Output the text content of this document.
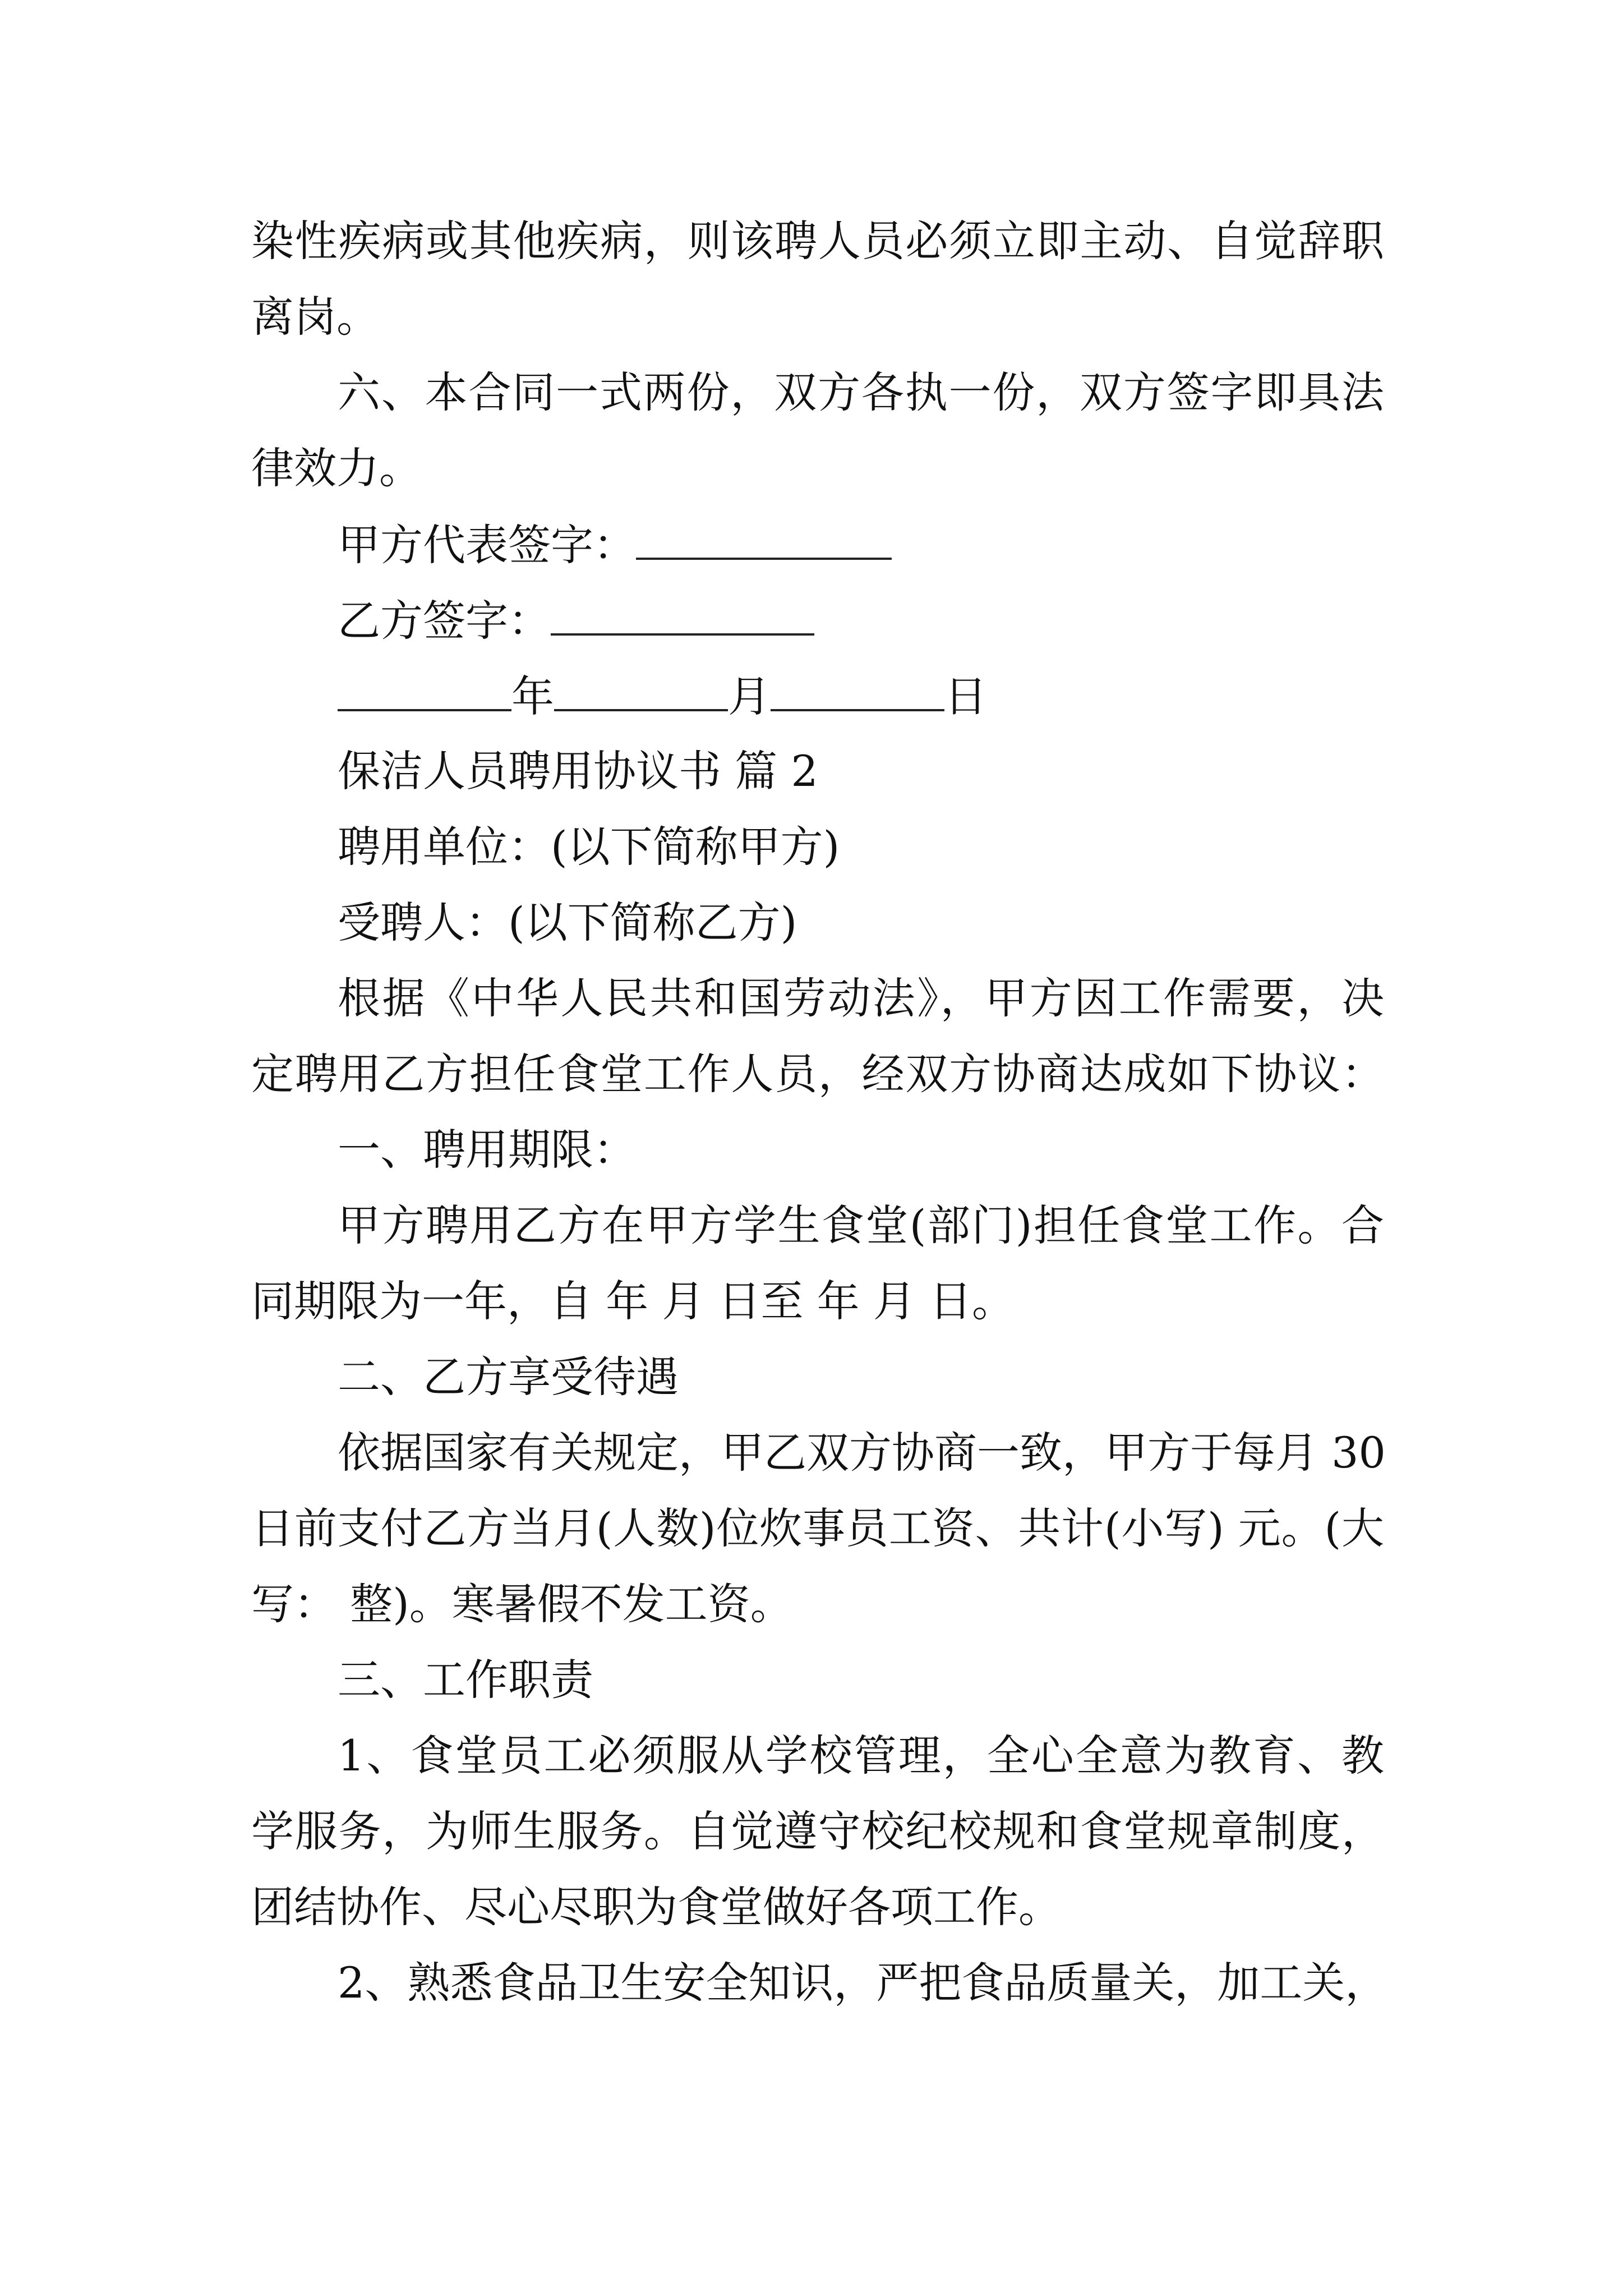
染性疾病或其他疾病，则该聘人员必须立即主动、自觉辞职
离岗。
六、本合同一式两份，双方各执一份，双方签字即具法
律效力。
甲方代表签字：
乙方签字：
年	月	日
保洁人员聘用协议书 篇 2
聘用单位：(以下简称甲方)
受聘人：(以下简称乙方)
根据《中华人民共和国劳动法》，甲方因工作需要，决
定聘用乙方担任食堂工作人员，经双方协商达成如下协议：
一、聘用期限：
甲方聘用乙方在甲方学生食堂(部门)担任食堂工作。合
同期限为一年，自 年 月 日至 年 月 日。
二、乙方享受待遇
依据国家有关规定，甲乙双方协商一致，甲方于每月 30
日前支付乙方当月(人数)位炊事员工资、共计(小写) 元。(大
写： 整)。寒暑假不发工资。
三、工作职责
1、食堂员工必须服从学校管理，全心全意为教育、教
学服务，为师生服务。自觉遵守校纪校规和食堂规章制度，
团结协作、尽心尽职为食堂做好各项工作。
2、熟悉食品卫生安全知识，严把食品质量关，加工关，
